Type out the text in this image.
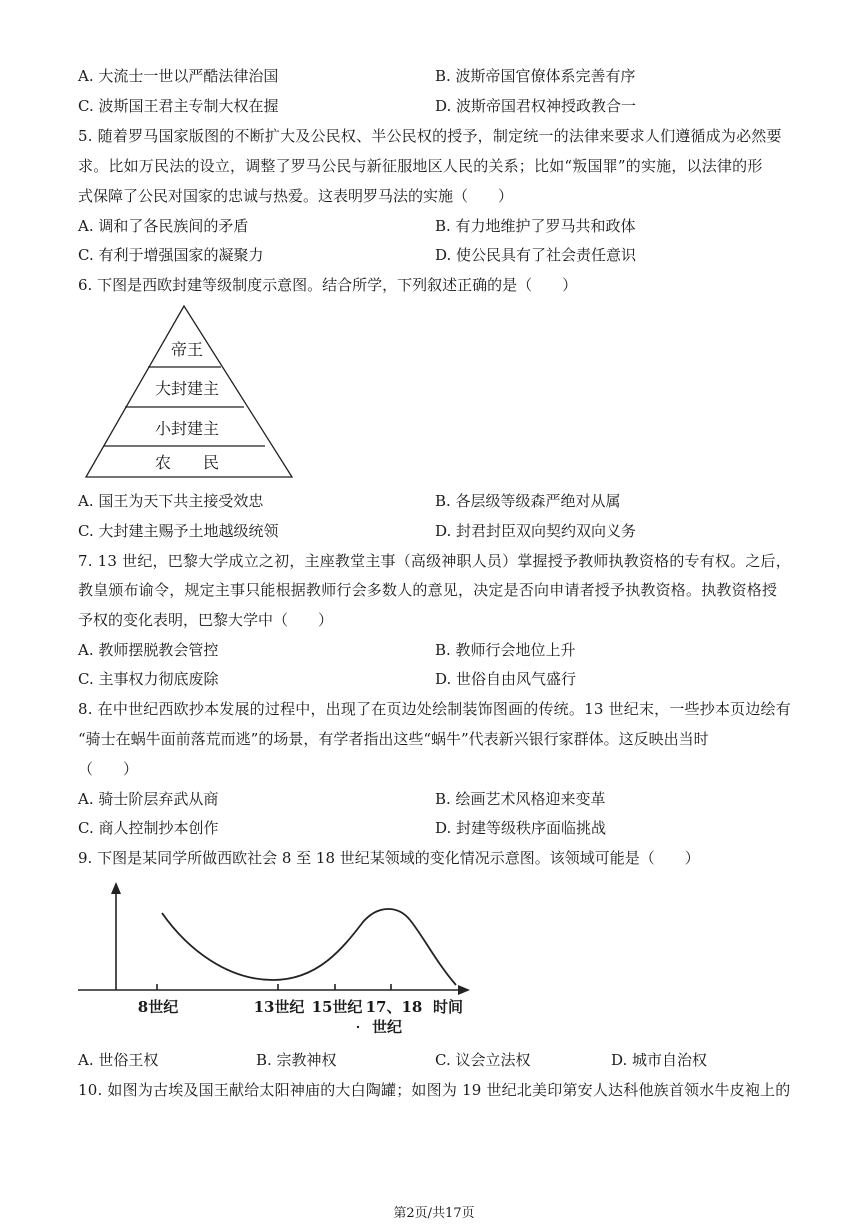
A. 大流士一世以严酷法律治国	B. 波斯帝国官僚体系完善有序
C. 波斯国王君主专制大权在握	D. 波斯帝国君权神授政教合一
5. 随着罗马国家版图的不断扩大及公民权、半公民权的授予，制定统一的法律来要求人们遵循成为必然要
求。比如万民法的设立，调整了罗马公民与新征服地区人民的关系；比如“叛国罪”的实施，以法律的形
式保障了公民对国家的忠诚与热爱。这表明罗马法的实施（　　）
A. 调和了各民族间的矛盾	B. 有力地维护了罗马共和政体
C. 有利于增强国家的凝聚力	D. 使公民具有了社会责任意识
6. 下图是西欧封建等级制度示意图。结合所学，下列叙述正确的是（　　）
帝王
大封建主
小封建主
农　　民
A. 国王为天下共主接受效忠	B. 各层级等级森严绝对从属
C. 大封建主赐予土地越级统领	D. 封君封臣双向契约双向义务
7. 13 世纪，巴黎大学成立之初，主座教堂主事（高级神职人员）掌握授予教师执教资格的专有权。之后，
教皇颁布谕令，规定主事只能根据教师行会多数人的意见，决定是否向申请者授予执教资格。执教资格授
予权的变化表明，巴黎大学中（　　）
A. 教师摆脱教会管控	B. 教师行会地位上升
C. 主事权力彻底废除	D. 世俗自由风气盛行
8. 在中世纪西欧抄本发展的过程中，出现了在页边处绘制装饰图画的传统。13 世纪末，一些抄本页边绘有
“骑士在蜗牛面前落荒而逃”的场景，有学者指出这些“蜗牛”代表新兴银行家群体。这反映出当时
（　　）
A. 骑士阶层弃武从商	B. 绘画艺术风格迎来变革
C. 商人控制抄本创作	D. 封建等级秩序面临挑战
9. 下图是某同学所做西欧社会 8 至 18 世纪某领域的变化情况示意图。该领域可能是（　　）
8世纪	13世纪 15世纪 17、18 时间
世纪
A. 世俗王权	B. 宗教神权	C. 议会立法权	D. 城市自治权
10. 如图为古埃及国王献给太阳神庙的大白陶罐；如图为 19 世纪北美印第安人达科他族首领水牛皮袍上的
第2页/共17页
